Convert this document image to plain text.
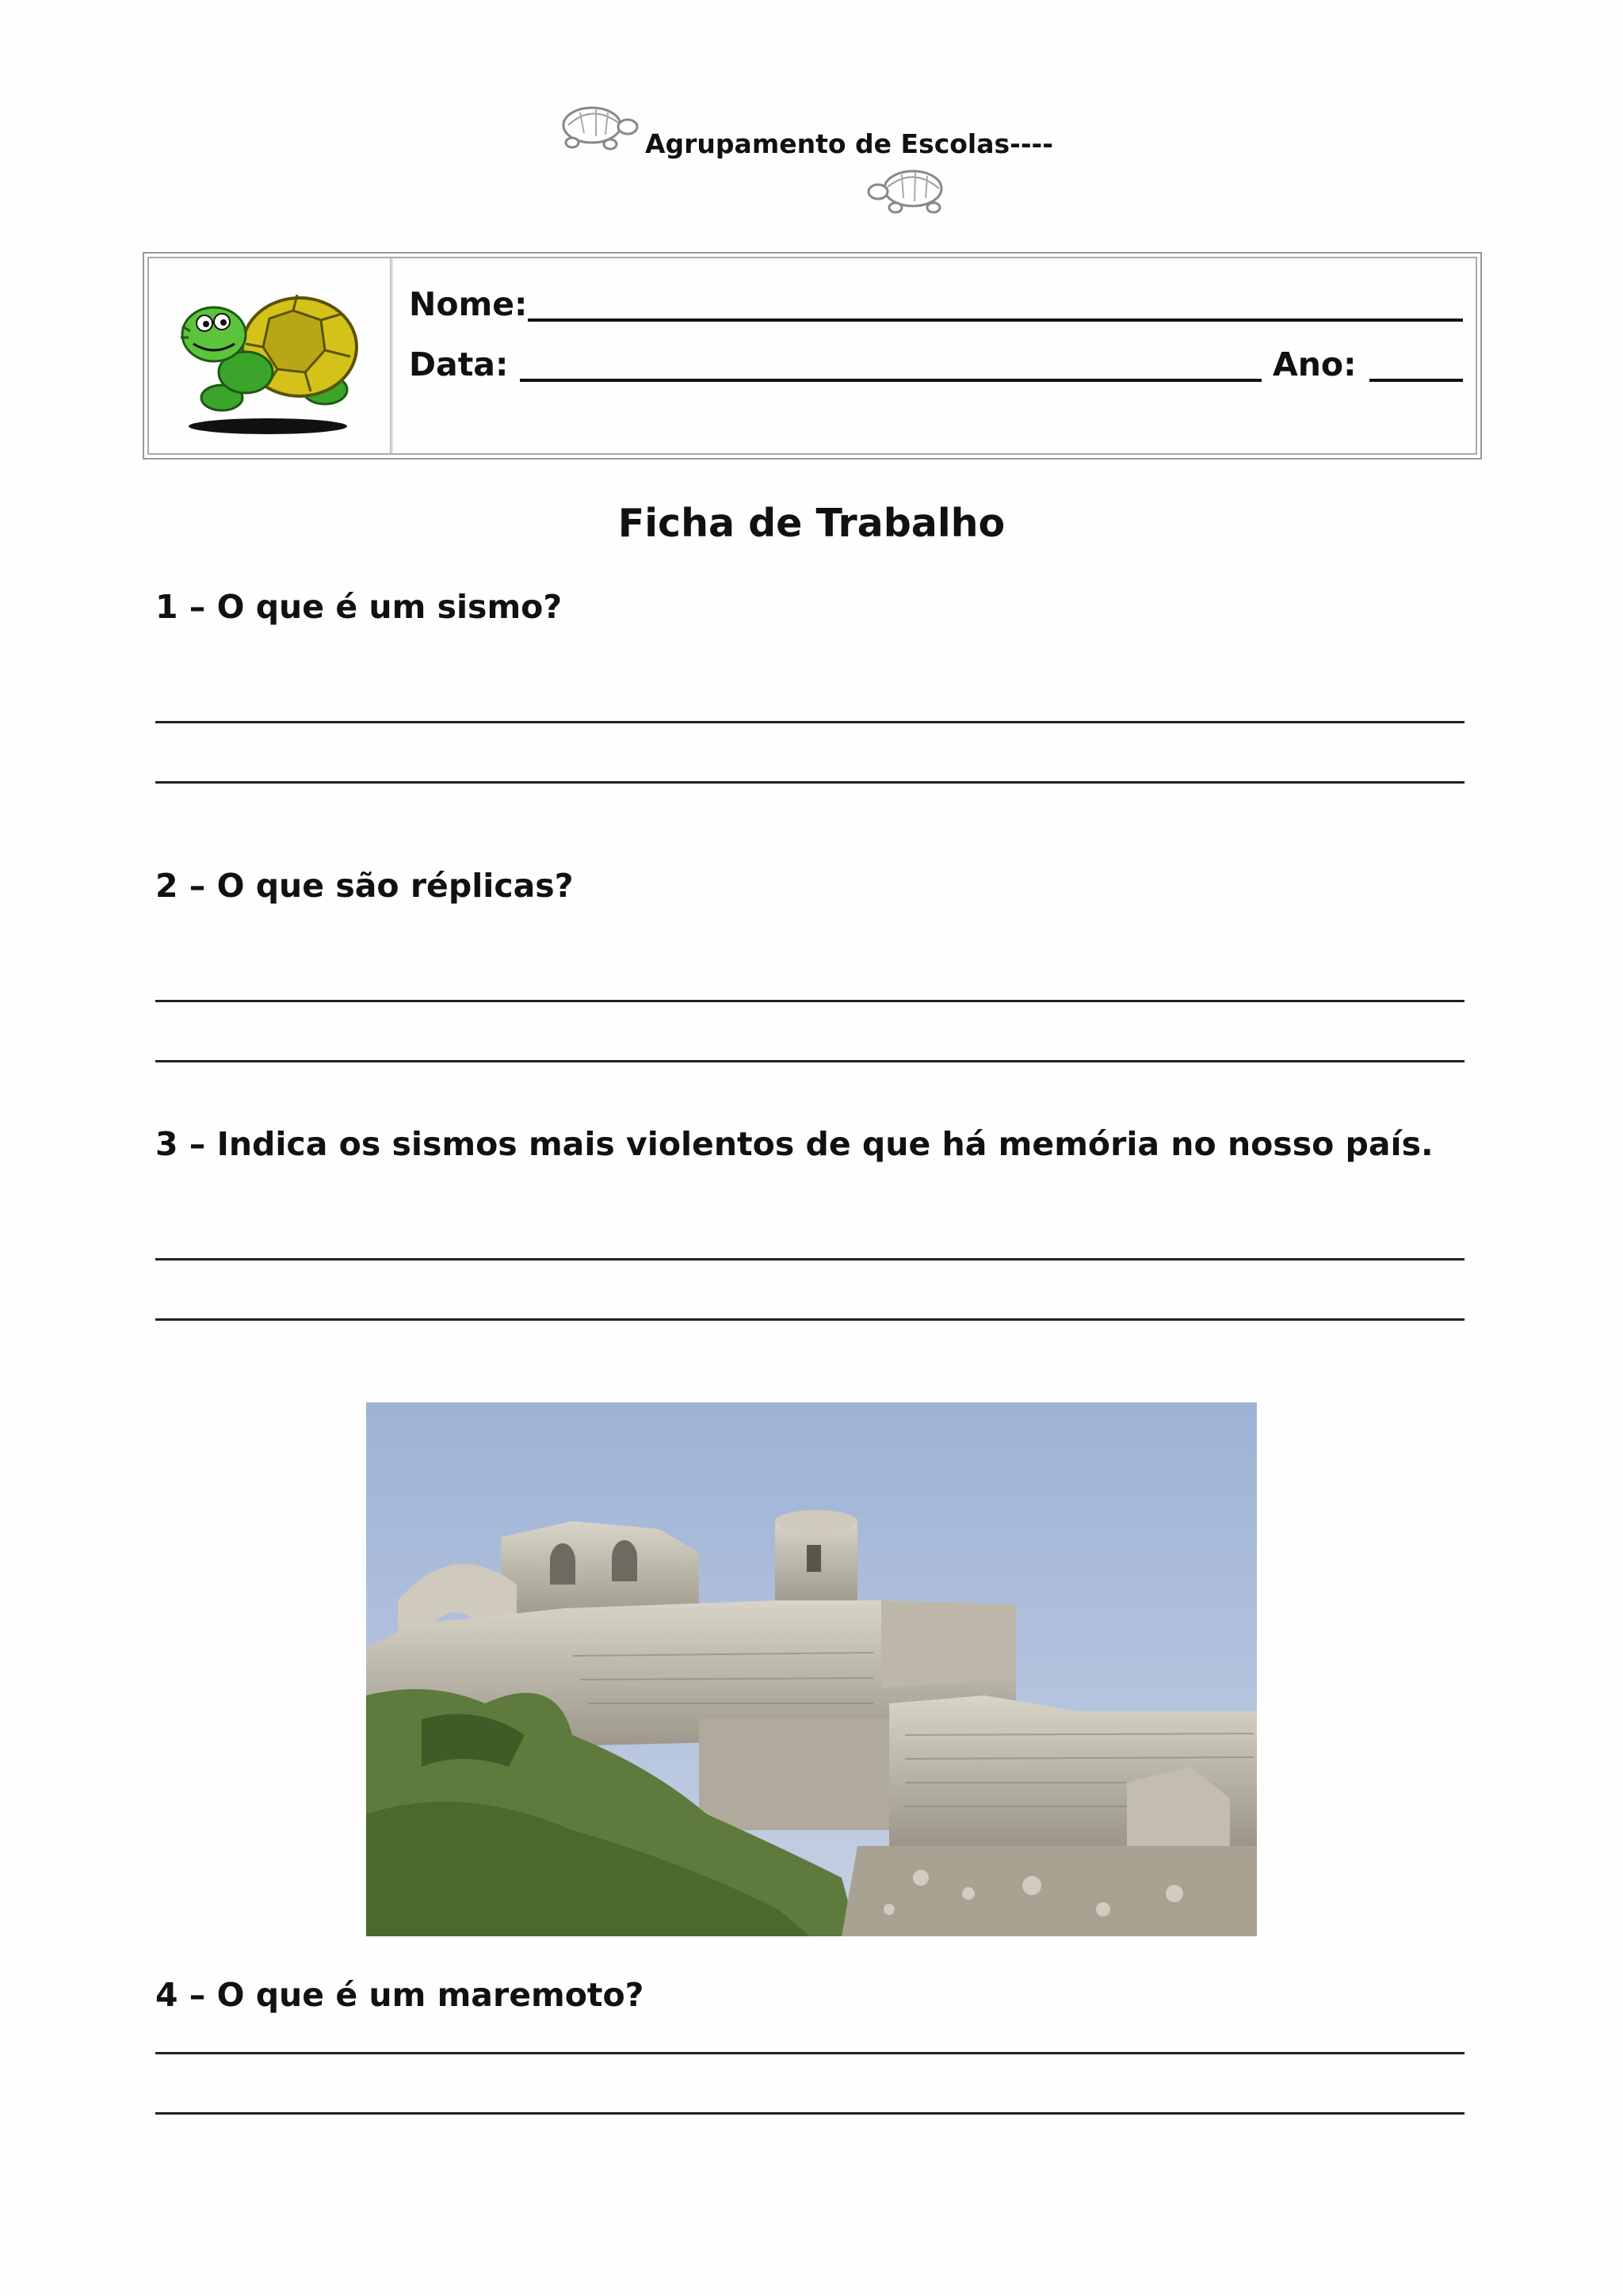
Agrupamento de Escolas----
Nome:
Data:	Ano:
Ficha de Trabalho
1 – O que é um sismo?
2 – O que são réplicas?
3 – Indica os sismos mais violentos de que há memória no nosso país.
4 – O que é um maremoto?
